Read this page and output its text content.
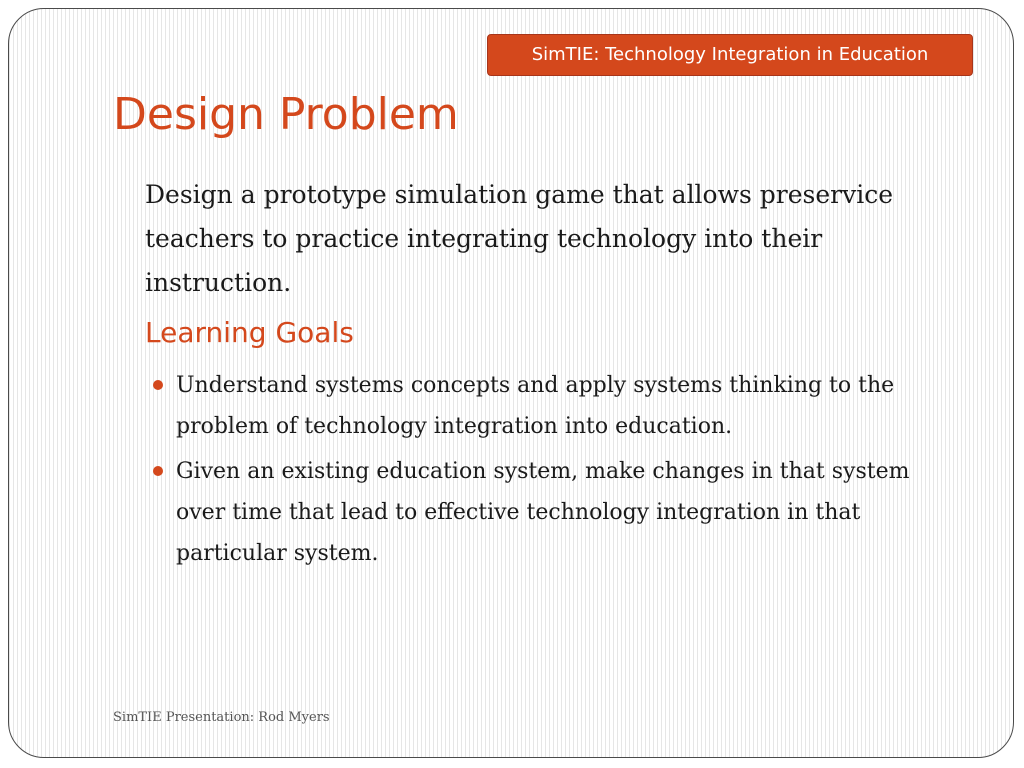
SimTIE: Technology Integration in Education
Design Problem

Design a prototype simulation game that allows preservice teachers to practice integrating technology into their instruction.

Learning Goals
Understand systems concepts and apply systems thinking to the problem of technology integration into education.
Given an existing education system, make changes in that system over time that lead to effective technology integration in that particular system.

SimTIE Presentation: Rod Myers
